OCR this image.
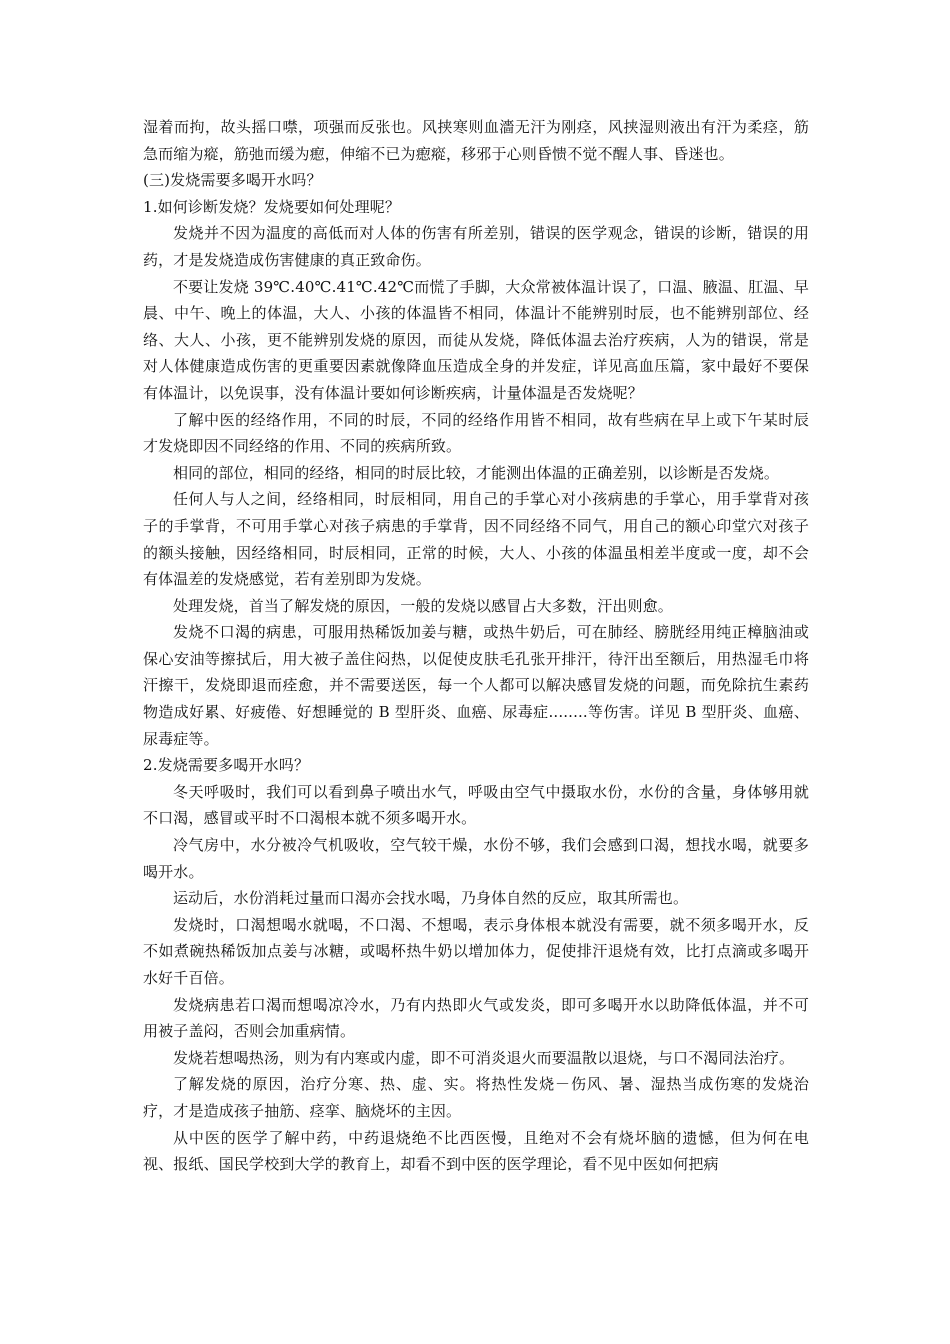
湿着而拘，故头摇口噤，项强而反张也。风挟寒则血濇无汗为刚痉，风挟湿则液出有汗为柔痉，筋急而缩为瘲，筋弛而缓为瘛，伸缩不已为瘛瘲，移邪于心则昏愦不觉不醒人事、昏迷也。

(三)发烧需要多喝开水吗？

1.如何诊断发烧？发烧要如何处理呢？

发烧并不因为温度的高低而对人体的伤害有所差别，错误的医学观念，错误的诊断，错误的用药，才是发烧造成伤害健康的真正致命伤。

不要让发烧 39℃.40℃.41℃.42℃而慌了手脚，大众常被体温计误了，口温、腋温、肛温、早晨、中午、晚上的体温，大人、小孩的体温皆不相同，体温计不能辨别时辰，也不能辨别部位、经络、大人、小孩，更不能辨别发烧的原因，而徒从发烧，降低体温去治疗疾病，人为的错误，常是对人体健康造成伤害的更重要因素就像降血压造成全身的并发症，详见高血压篇，家中最好不要保有体温计，以免误事，没有体温计要如何诊断疾病，计量体温是否发烧呢？

了解中医的经络作用，不同的时辰，不同的经络作用皆不相同，故有些病在早上或下午某时辰才发烧即因不同经络的作用、不同的疾病所致。

相同的部位，相同的经络，相同的时辰比较，才能测出体温的正确差别，以诊断是否发烧。

任何人与人之间，经络相同，时辰相同，用自己的手掌心对小孩病患的手掌心，用手掌背对孩子的手掌背，不可用手掌心对孩子病患的手掌背，因不同经络不同气，用自己的额心印堂穴对孩子的额头接触，因经络相同，时辰相同，正常的时候，大人、小孩的体温虽相差半度或一度，却不会有体温差的发烧感觉，若有差别即为发烧。

处理发烧，首当了解发烧的原因，一般的发烧以感冒占大多数，汗出则愈。

发烧不口渴的病患，可服用热稀饭加姜与糖，或热牛奶后，可在肺经、膀胱经用纯正樟脑油或保心安油等擦拭后，用大被子盖住闷热，以促使皮肤毛孔张开排汗，待汗出至额后，用热湿毛巾将汗擦干，发烧即退而痊愈，并不需要送医，每一个人都可以解决感冒发烧的问题，而免除抗生素药物造成好累、好疲倦、好想睡觉的 B 型肝炎、血癌、尿毒症........等伤害。详见 B 型肝炎、血癌、尿毒症等。

2.发烧需要多喝开水吗？

冬天呼吸时，我们可以看到鼻子喷出水气，呼吸由空气中摄取水份，水份的含量，身体够用就不口渴，感冒或平时不口渴根本就不须多喝开水。

冷气房中，水分被冷气机吸收，空气较干燥，水份不够，我们会感到口渴，想找水喝，就要多喝开水。

运动后，水份消耗过量而口渴亦会找水喝，乃身体自然的反应，取其所需也。

发烧时，口渴想喝水就喝，不口渴、不想喝，表示身体根本就没有需要，就不须多喝开水，反不如煮碗热稀饭加点姜与冰糖，或喝杯热牛奶以增加体力，促使排汗退烧有效，比打点滴或多喝开水好千百倍。

发烧病患若口渴而想喝凉冷水，乃有内热即火气或发炎，即可多喝开水以助降低体温，并不可用被子盖闷，否则会加重病情。

发烧若想喝热汤，则为有内寒或内虚，即不可消炎退火而要温散以退烧，与口不渴同法治疗。

了解发烧的原因，治疗分寒、热、虚、实。将热性发烧－伤风、暑、湿热当成伤寒的发烧治疗，才是造成孩子抽筋、痉挛、脑烧坏的主因。

从中医的医学了解中药，中药退烧绝不比西医慢，且绝对不会有烧坏脑的遗憾，但为何在电视、报纸、国民学校到大学的教育上，却看不到中医的医学理论，看不见中医如何把病
